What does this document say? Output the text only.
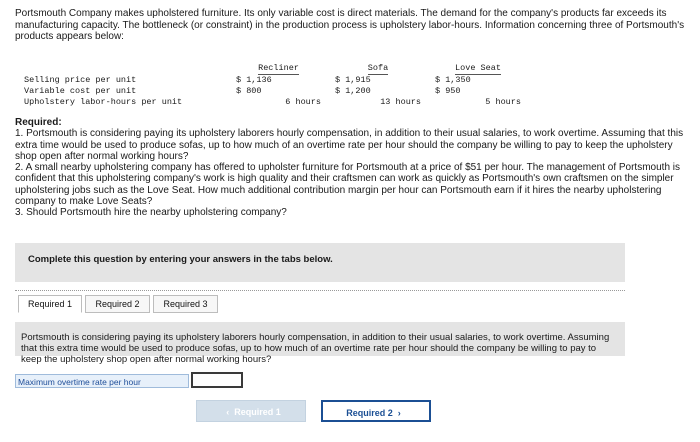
Portsmouth Company makes upholstered furniture. Its only variable cost is direct materials. The demand for the company's products far exceeds its manufacturing capacity. The bottleneck (or constraint) in the production process is upholstery labor-hours. Information concerning three of Portsmouth's products appears below:
	Recliner	Sofa	Love Seat
Selling price per unit	$ 1,136	$ 1,915	$ 1,350
Variable cost per unit	$ 800	$ 1,200	$ 950
Upholstery labor-hours per unit	6 hours	13 hours	5 hours
Required:

1. Portsmouth is considering paying its upholstery laborers hourly compensation, in addition to their usual salaries, to work overtime. Assuming that this extra time would be used to produce sofas, up to how much of an overtime rate per hour should the company be willing to pay to keep the upholstery shop open after normal working hours?

2. A small nearby upholstering company has offered to upholster furniture for Portsmouth at a price of $51 per hour. The management of Portsmouth is confident that this upholstering company's work is high quality and their craftsmen can work as quickly as Portsmouth's own craftsmen on the simpler upholstering jobs such as the Love Seat. How much additional contribution margin per hour can Portsmouth earn if it hires the nearby upholstering company to make Love Seats?

3. Should Portsmouth hire the nearby upholstering company?

Complete this question by entering your answers in the tabs below.
Required 1	Required 2	Required 3
Portsmouth is considering paying its upholstery laborers hourly compensation, in addition to their usual salaries, to work overtime. Assuming that this extra time would be used to produce sofas, up to how much of an overtime rate per hour should the company be willing to pay to keep the upholstery shop open after normal working hours?
Maximum overtime rate per hour
‹ Required 1	Required 2 ›
